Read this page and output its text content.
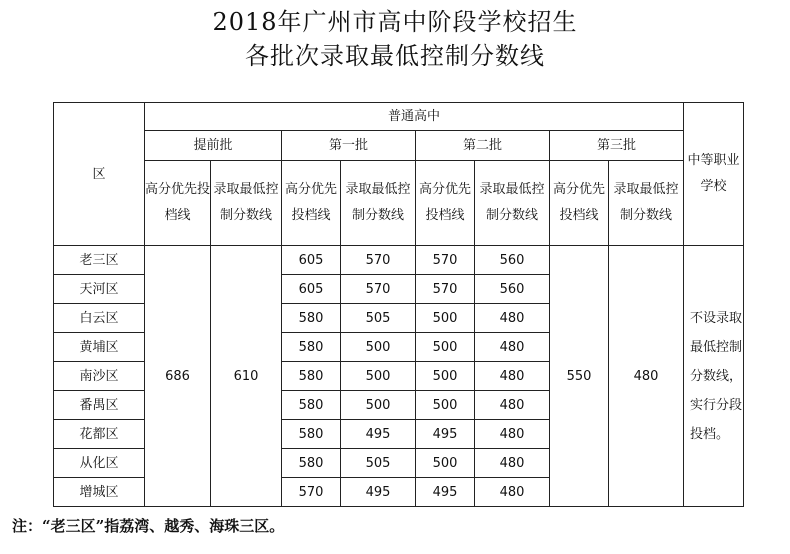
2018年广州市高中阶段学校招生
各批次录取最低控制分数线
区	普通高中								中等职业学校
	提前批		第一批		第二批		第三批		
	高分优先投档线	录取最低控制分数线	高分优先投档线	录取最低控制分数线	高分优先投档线	录取最低控制分数线	高分优先投档线	录取最低控制分数线	
老三区	686	610	605	570	570	560	550	480	不设录取最低控制分数线，实行分段投档。
天河区			605	570	570	560			
白云区			580	505	500	480			
黄埔区			580	500	500	480			
南沙区			580	500	500	480			
番禺区			580	500	500	480			
花都区			580	495	495	480			
从化区			580	505	500	480			
增城区			570	495	495	480			
注：“老三区”指荔湾、越秀、海珠三区。
